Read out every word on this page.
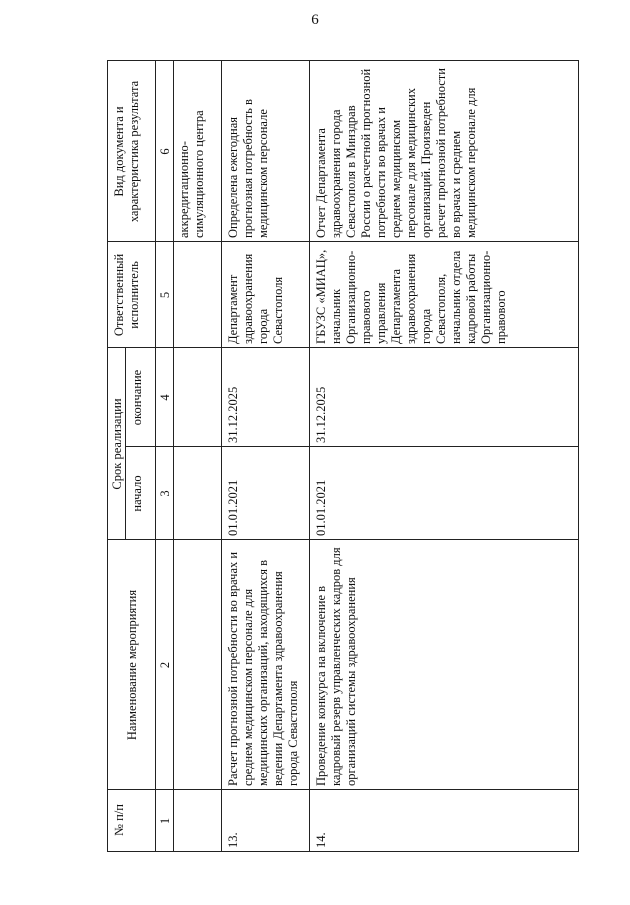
6
№ п/п
Наименование мероприятия
Срок реализации
начало
окончание
Ответственный исполнитель
Вид документа и характеристика результата
1
2
3
4
5
6 аккредитационно-симуляционного центра
13.
Расчет прогнозной потребности во врачах и среднем медицинском персонале для медицинских организаций, находящихся в ведении Департамента здравоохранения города Севастополя
01.01.2021
31.12.2025
Департамент здравоохранения города Севастополя
Определена ежегодная прогнозная потребность в медицинском персонале
14.
Проведение конкурса на включение в кадровый резерв управленческих кадров для организаций системы здравоохранения
01.01.2021
31.12.2025
ГБУЗС «МИАЦ», начальник Организационно-правового управления Департамента здравоохранения города Севастополя, начальник отдела кадровой работы Организационно-правового
Отчет Департамента здравоохранения города Севастополя в Минздрав России о расчетной прогнозной потребности во врачах и среднем медицинском персонале для медицинских организаций. Произведен расчет прогнозной потребности во врачах и среднем медицинском персонале для
